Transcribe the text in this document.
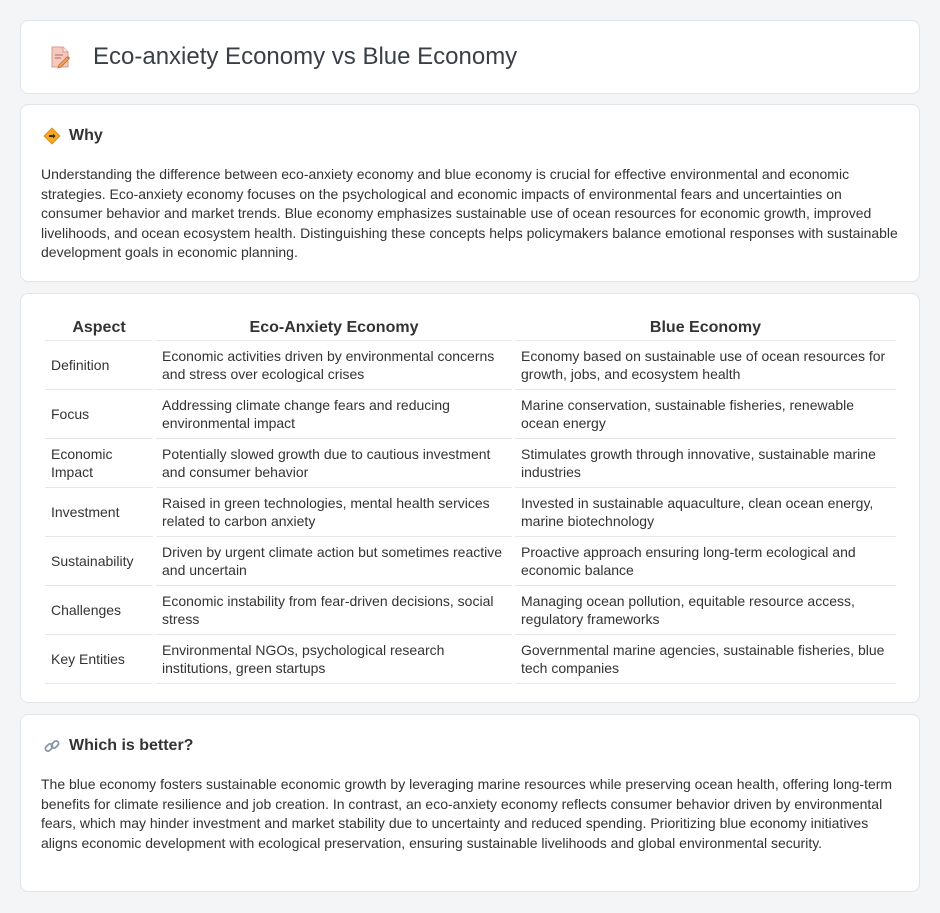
Eco-anxiety Economy vs Blue Economy
Why

Understanding the difference between eco-anxiety economy and blue economy is crucial for effective environmental and economic strategies. Eco-anxiety economy focuses on the psychological and economic impacts of environmental fears and uncertainties on consumer behavior and market trends. Blue economy emphasizes sustainable use of ocean resources for economic growth, improved livelihoods, and ocean ecosystem health. Distinguishing these concepts helps policymakers balance emotional responses with sustainable development goals in economic planning.

Aspect	Eco-Anxiety Economy	Blue Economy
Definition	Economic activities driven by environmental concerns and stress over ecological crises	Economy based on sustainable use of ocean resources for growth, jobs, and ecosystem health
Focus	Addressing climate change fears and reducing environmental impact	Marine conservation, sustainable fisheries, renewable ocean energy
Economic Impact	Potentially slowed growth due to cautious investment and consumer behavior	Stimulates growth through innovative, sustainable marine industries
Investment	Raised in green technologies, mental health services related to carbon anxiety	Invested in sustainable aquaculture, clean ocean energy, marine biotechnology
Sustainability	Driven by urgent climate action but sometimes reactive and uncertain	Proactive approach ensuring long-term ecological and economic balance
Challenges	Economic instability from fear-driven decisions, social stress	Managing ocean pollution, equitable resource access, regulatory frameworks
Key Entities	Environmental NGOs, psychological research institutions, green startups	Governmental marine agencies, sustainable fisheries, blue tech companies
Which is better?

The blue economy fosters sustainable economic growth by leveraging marine resources while preserving ocean health, offering long-term benefits for climate resilience and job creation. In contrast, an eco-anxiety economy reflects consumer behavior driven by environmental fears, which may hinder investment and market stability due to uncertainty and reduced spending. Prioritizing blue economy initiatives aligns economic development with ecological preservation, ensuring sustainable livelihoods and global environmental security.
